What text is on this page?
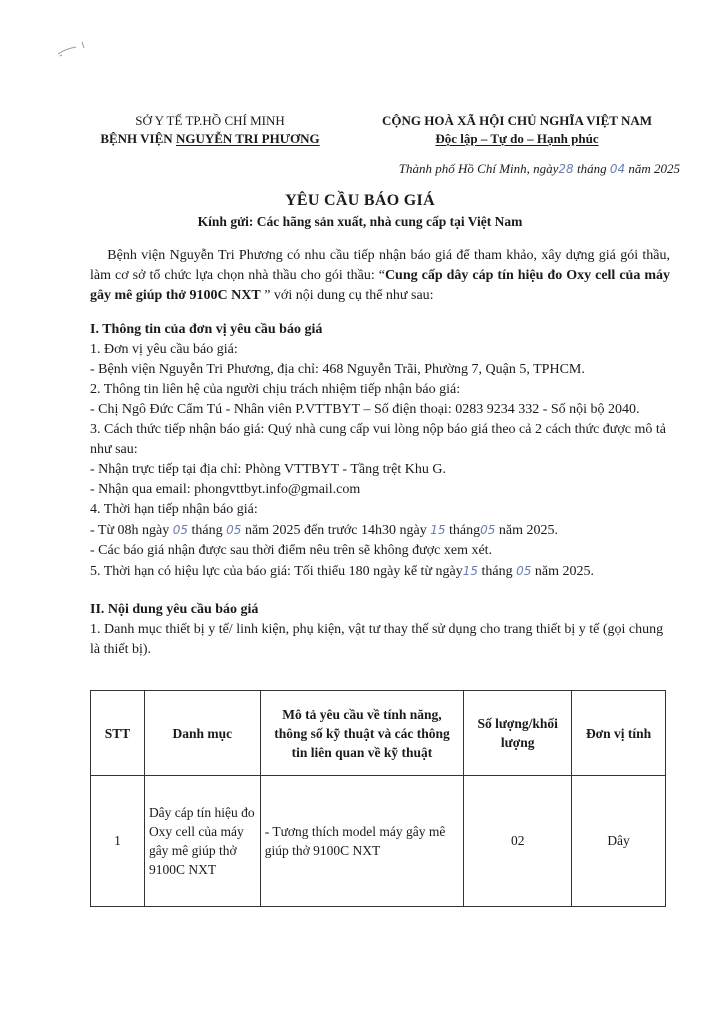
SỞ Y TẾ TP.HỒ CHÍ MINH
BỆNH VIỆN NGUYỄN TRI PHƯƠNG
CỘNG HOÀ XÃ HỘI CHỦ NGHĨA VIỆT NAM
Độc lập – Tự do – Hạnh phúc
Thành phố Hồ Chí Minh, ngày28 tháng 04 năm 2025
YÊU CẦU BÁO GIÁ
Kính gửi: Các hãng sản xuất, nhà cung cấp tại Việt Nam

Bệnh viện Nguyễn Tri Phương có nhu cầu tiếp nhận báo giá để tham khảo, xây dựng giá gói thầu, làm cơ sở tổ chức lựa chọn nhà thầu cho gói thầu: “Cung cấp dây cáp tín hiệu đo Oxy cell của máy gây mê giúp thở 9100C NXT ” với nội dung cụ thể như sau:

I. Thông tin của đơn vị yêu cầu báo giá

1. Đơn vị yêu cầu báo giá:

- Bệnh viện Nguyễn Tri Phương, địa chỉ: 468 Nguyễn Trãi, Phường 7, Quận 5, TPHCM.

2. Thông tin liên hệ của người chịu trách nhiệm tiếp nhận báo giá:

- Chị Ngô Đức Cẩm Tú - Nhân viên P.VTTBYT – Số điện thoại: 0283 9234 332 - Số nội bộ 2040.

3. Cách thức tiếp nhận báo giá: Quý nhà cung cấp vui lòng nộp báo giá theo cả 2 cách thức được mô tả như sau:

- Nhận trực tiếp tại địa chỉ: Phòng VTTBYT - Tầng trệt Khu G.

- Nhận qua email: phongvttbyt.info@gmail.com

4. Thời hạn tiếp nhận báo giá:

- Từ 08h ngày 05 tháng 05 năm 2025 đến trước 14h30 ngày 15 tháng05 năm 2025.

- Các báo giá nhận được sau thời điểm nêu trên sẽ không được xem xét.

5. Thời hạn có hiệu lực của báo giá: Tối thiểu 180 ngày kể từ ngày15 tháng 05 năm 2025.

II. Nội dung yêu cầu báo giá

1. Danh mục thiết bị y tế/ linh kiện, phụ kiện, vật tư thay thế sử dụng cho trang thiết bị y tế (gọi chung là thiết bị).

STT	Danh mục	Mô tả yêu cầu về tính năng, thông số kỹ thuật và các thông tin liên quan về kỹ thuật	Số lượng/khối lượng	Đơn vị tính
1	Dây cáp tín hiệu đo Oxy cell của máy gây mê giúp thở 9100C NXT	- Tương thích model máy gây mê giúp thở 9100C NXT	02	Dây
